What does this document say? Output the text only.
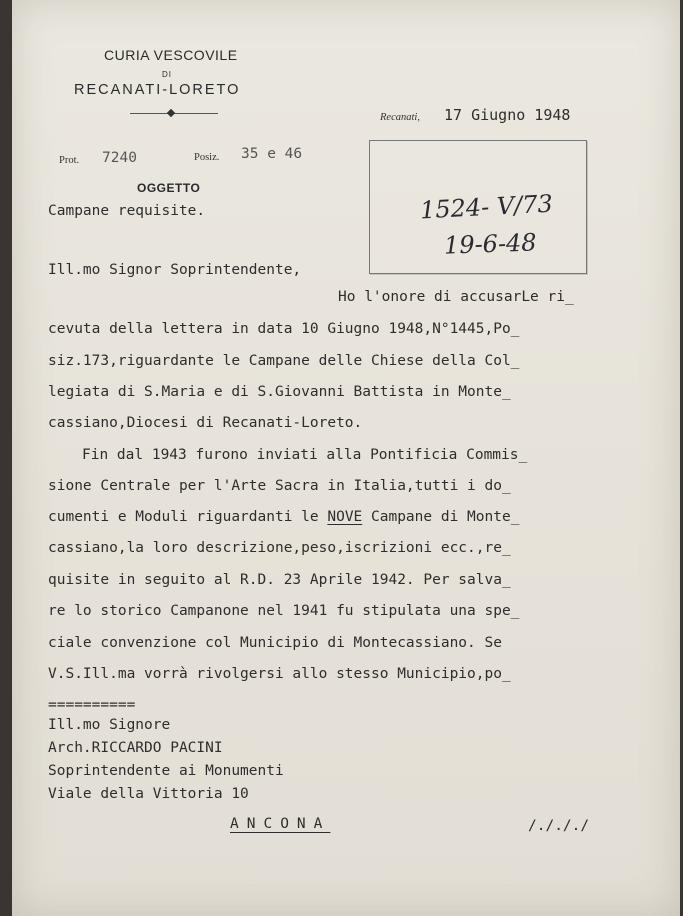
CURIA VESCOVILE
DI
RECANATI-LORETO
Recanati, 17 Giugno 1948
Prot. 7240	Posiz. 35 e 46
OGGETTO
Campane requisite.	1524- V/73
19-6-48
Ill.mo Signor Soprintendente,
Ho l'onore di accusarLe ri_
cevuta della lettera in data 10 Giugno 1948,N°1445,Po_
siz.173,riguardante le Campane delle Chiese della Col_
legiata di S.Maria e di S.Giovanni Battista in Monte_
cassiano,Diocesi di Recanati-Loreto.
Fin dal 1943 furono inviati alla Pontificia Commis_
sione Centrale per l'Arte Sacra in Italia,tutti i do_
cumenti e Moduli riguardanti le NOVE Campane di Monte_
cassiano,la loro descrizione,peso,iscrizioni ecc.,re_
quisite in seguito al R.D. 23 Aprile 1942. Per salva_
re lo storico Campanone nel 1941 fu stipulata una spe_
ciale convenzione col Municipio di Montecassiano. Se
V.S.Ill.ma vorrà rivolgersi allo stesso Municipio,po_
==========
Ill.mo Signore
Arch.RICCARDO PACINI
Soprintendente ai Monumenti
Viale della Vittoria 10
ANCONA	/./././
